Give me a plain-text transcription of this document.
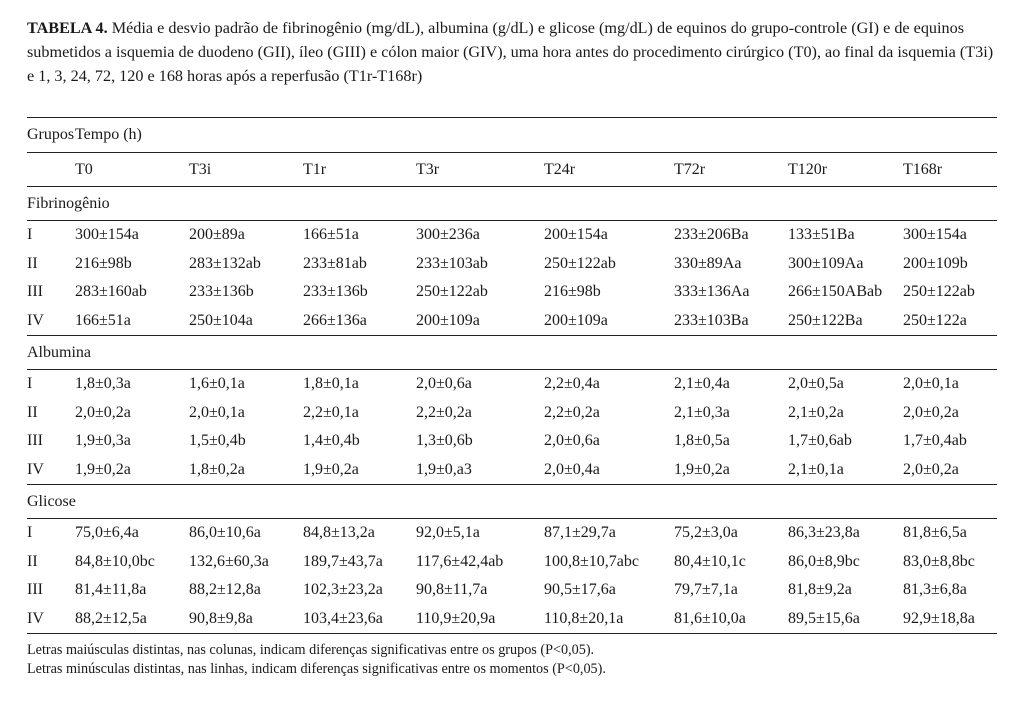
TABELA 4. Média e desvio padrão de fibrinogênio (mg/dL), albumina (g/dL) e glicose (mg/dL) de equinos do grupo-controle (GI) e de equinos submetidos a isquemia de duodeno (GII), íleo (GIII) e cólon maior (GIV), uma hora antes do procedimento cirúrgico (T0), ao final da isquemia (T3i) e 1, 3, 24, 72, 120 e 168 horas após a reperfusão (T1r-T168r)

Grupos	Tempo (h)							
	T0	T3i	T1r	T3r	T24r	T72r	T120r	T168r
Fibrinogênio								
I	300±154a	200±89a	166±51a	300±236a	200±154a	233±206Ba	133±51Ba	300±154a
II	216±98b	283±132ab	233±81ab	233±103ab	250±122ab	330±89Aa	300±109Aa	200±109b
III	283±160ab	233±136b	233±136b	250±122ab	216±98b	333±136Aa	266±150ABab	250±122ab
IV	166±51a	250±104a	266±136a	200±109a	200±109a	233±103Ba	250±122Ba	250±122a
Albumina								
I	1,8±0,3a	1,6±0,1a	1,8±0,1a	2,0±0,6a	2,2±0,4a	2,1±0,4a	2,0±0,5a	2,0±0,1a
II	2,0±0,2a	2,0±0,1a	2,2±0,1a	2,2±0,2a	2,2±0,2a	2,1±0,3a	2,1±0,2a	2,0±0,2a
III	1,9±0,3a	1,5±0,4b	1,4±0,4b	1,3±0,6b	2,0±0,6a	1,8±0,5a	1,7±0,6ab	1,7±0,4ab
IV	1,9±0,2a	1,8±0,2a	1,9±0,2a	1,9±0,a3	2,0±0,4a	1,9±0,2a	2,1±0,1a	2,0±0,2a
Glicose								
I	75,0±6,4a	86,0±10,6a	84,8±13,2a	92,0±5,1a	87,1±29,7a	75,2±3,0a	86,3±23,8a	81,8±6,5a
II	84,8±10,0bc	132,6±60,3a	189,7±43,7a	117,6±42,4ab	100,8±10,7abc	80,4±10,1c	86,0±8,9bc	83,0±8,8bc
III	81,4±11,8a	88,2±12,8a	102,3±23,2a	90,8±11,7a	90,5±17,6a	79,7±7,1a	81,8±9,2a	81,3±6,8a
IV	88,2±12,5a	90,8±9,8a	103,4±23,6a	110,9±20,9a	110,8±20,1a	81,6±10,0a	89,5±15,6a	92,9±18,8a
Letras maiúsculas distintas, nas colunas, indicam diferenças significativas entre os grupos (P<0,05).
Letras minúsculas distintas, nas linhas, indicam diferenças significativas entre os momentos (P<0,05).
